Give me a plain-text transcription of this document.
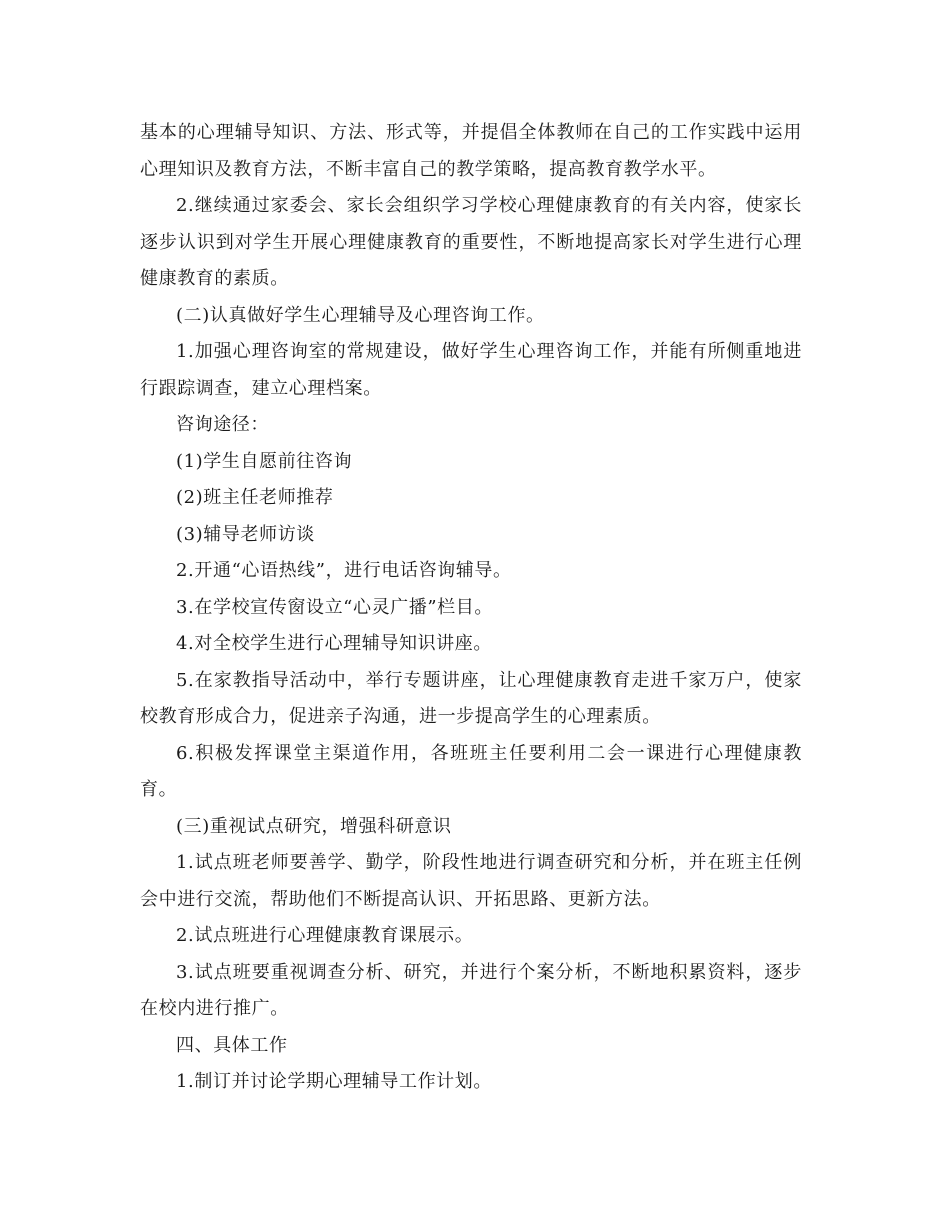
基本的心理辅导知识、方法、形式等，并提倡全体教师在自己的工作实践中运用心理知识及教育方法，不断丰富自己的教学策略，提高教育教学水平。

2.继续通过家委会、家长会组织学习学校心理健康教育的有关内容，使家长逐步认识到对学生开展心理健康教育的重要性，不断地提高家长对学生进行心理健康教育的素质。

(二)认真做好学生心理辅导及心理咨询工作。

1.加强心理咨询室的常规建设，做好学生心理咨询工作，并能有所侧重地进行跟踪调查，建立心理档案。

咨询途径：

(1)学生自愿前往咨询

(2)班主任老师推荐

(3)辅导老师访谈

2.开通“心语热线”，进行电话咨询辅导。

3.在学校宣传窗设立“心灵广播”栏目。

4.对全校学生进行心理辅导知识讲座。

5.在家教指导活动中，举行专题讲座，让心理健康教育走进千家万户，使家校教育形成合力，促进亲子沟通，进一步提高学生的心理素质。

6.积极发挥课堂主渠道作用，各班班主任要利用二会一课进行心理健康教育。

(三)重视试点研究，增强科研意识

1.试点班老师要善学、勤学，阶段性地进行调查研究和分析，并在班主任例会中进行交流，帮助他们不断提高认识、开拓思路、更新方法。

2.试点班进行心理健康教育课展示。

3.试点班要重视调查分析、研究，并进行个案分析，不断地积累资料，逐步在校内进行推广。

四、具体工作

1.制订并讨论学期心理辅导工作计划。
